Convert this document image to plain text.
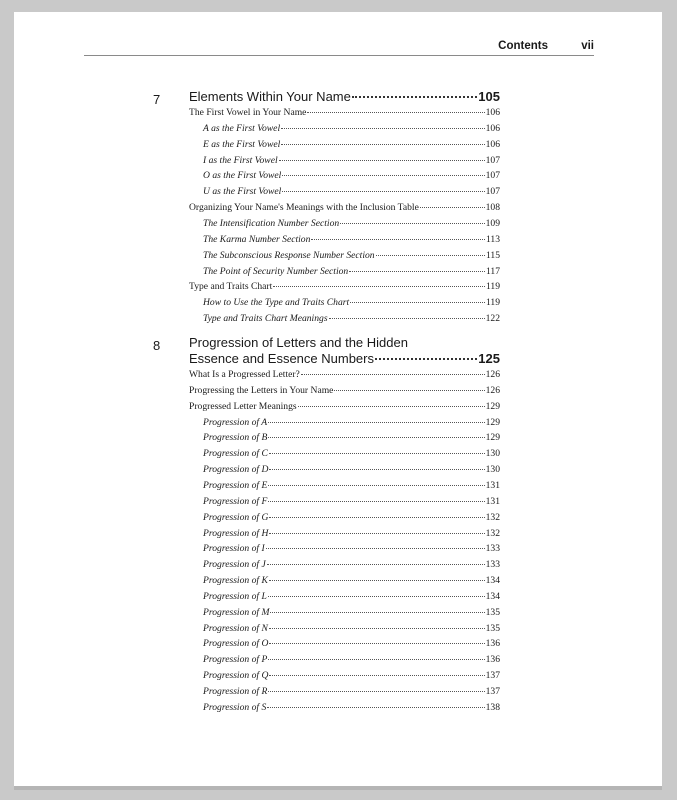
Contents	vii
7 Elements Within Your Name	105
The First Vowel in Your Name	106
A as the First Vowel	106
E as the First Vowel	106
I as the First Vowel	107
O as the First Vowel	107
U as the First Vowel	107
Organizing Your Name's Meanings with the Inclusion Table	108
The Intensification Number Section	109
The Karma Number Section	113
The Subconscious Response Number Section	115
The Point of Security Number Section	117
Type and Traits Chart	119
How to Use the Type and Traits Chart	119
Type and Traits Chart Meanings	122
8 Progression of Letters and the Hidden
Essence and Essence Numbers	125
What Is a Progressed Letter?	126
Progressing the Letters in Your Name	126
Progressed Letter Meanings	129
Progression of A	129
Progression of B	129
Progression of C	130
Progression of D	130
Progression of E	131
Progression of F	131
Progression of G	132
Progression of H	132
Progression of I	133
Progression of J	133
Progression of K	134
Progression of L	134
Progression of M	135
Progression of N	135
Progression of O	136
Progression of P	136
Progression of Q	137
Progression of R	137
Progression of S	138
